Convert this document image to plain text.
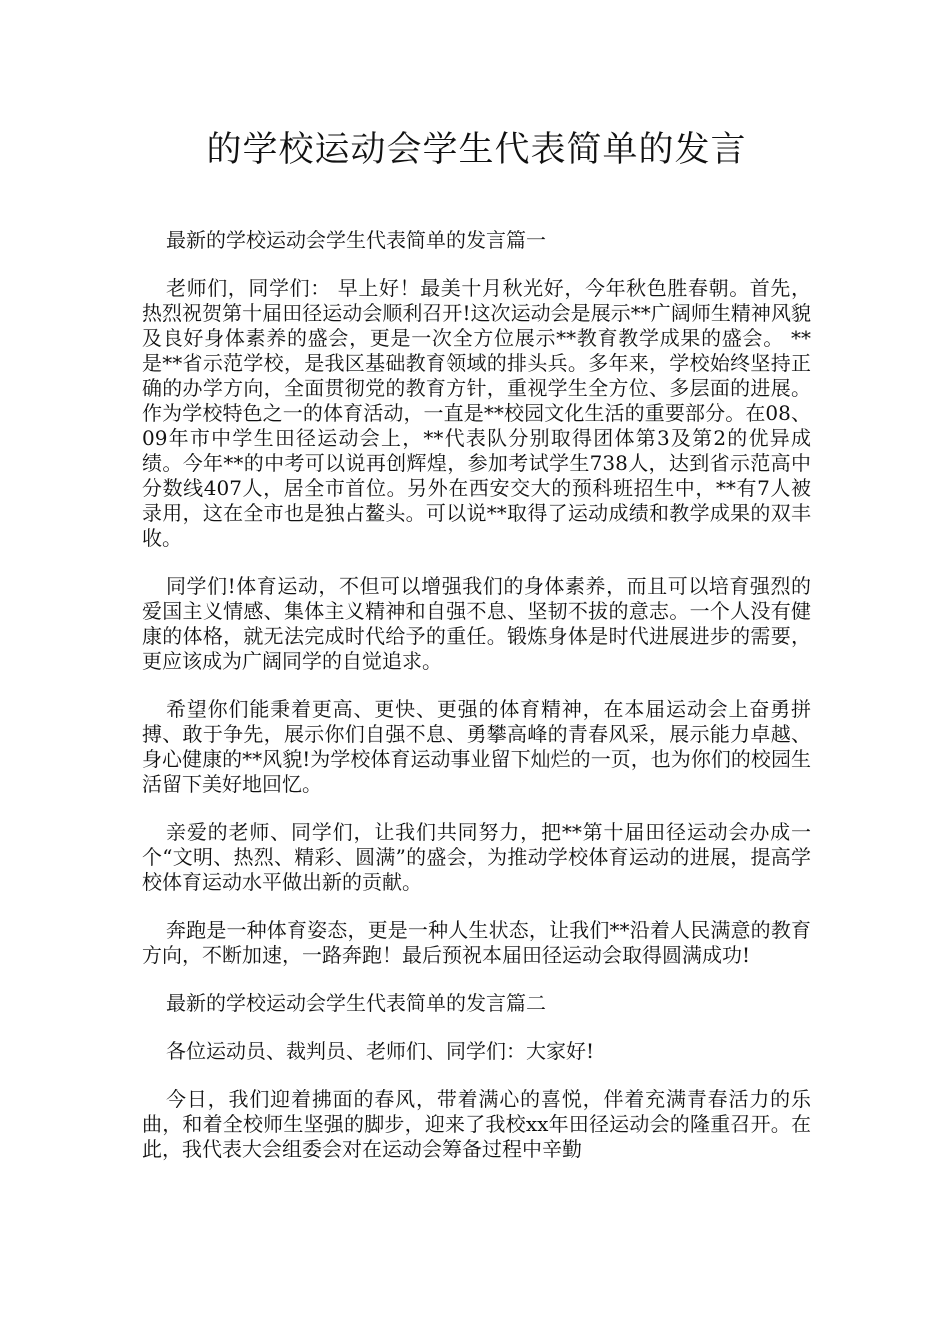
的学校运动会学生代表简单的发言

最新的学校运动会学生代表简单的发言篇一

老师们，同学们： 早上好！最美十月秋光好，今年秋色胜春朝。首先，热烈祝贺第十届田径运动会顺利召开!这次运动会是展示**广阔师生精神风貌及良好身体素养的盛会，更是一次全方位展示**教育教学成果的盛会。 ** 是**省示范学校，是我区基础教育领域的排头兵。多年来，学校始终坚持正确的办学方向，全面贯彻党的教育方针，重视学生全方位、多层面的进展。作为学校特色之一的体育活动，一直是**校园文化生活的重要部分。在08、09年市中学生田径运动会上，**代表队分别取得团体第3及第2的优异成绩。今年**的中考可以说再创辉煌，参加考试学生738人，达到省示范高中分数线407人，居全市首位。另外在西安交大的预科班招生中，**有7人被录用，这在全市也是独占鳌头。可以说**取得了运动成绩和教学成果的双丰收。

同学们!体育运动，不但可以增强我们的身体素养，而且可以培育强烈的爱国主义情感、集体主义精神和自强不息、坚韧不拔的意志。一个人没有健康的体格，就无法完成时代给予的重任。锻炼身体是时代进展进步的需要，更应该成为广阔同学的自觉追求。

希望你们能秉着更高、更快、更强的体育精神，在本届运动会上奋勇拼搏、敢于争先，展示你们自强不息、勇攀高峰的青春风采，展示能力卓越、身心健康的**风貌!为学校体育运动事业留下灿烂的一页，也为你们的校园生活留下美好地回忆。

亲爱的老师、同学们，让我们共同努力，把**第十届田径运动会办成一个“文明、热烈、精彩、圆满”的盛会，为推动学校体育运动的进展，提高学校体育运动水平做出新的贡献。

奔跑是一种体育姿态，更是一种人生状态，让我们**沿着人民满意的教育方向，不断加速，一路奔跑！最后预祝本届田径运动会取得圆满成功!

最新的学校运动会学生代表简单的发言篇二

各位运动员、裁判员、老师们、同学们：大家好!

今日，我们迎着拂面的春风，带着满心的喜悦，伴着充满青春活力的乐曲，和着全校师生坚强的脚步，迎来了我校xx年田径运动会的隆重召开。在此，我代表大会组委会对在运动会筹备过程中辛勤
